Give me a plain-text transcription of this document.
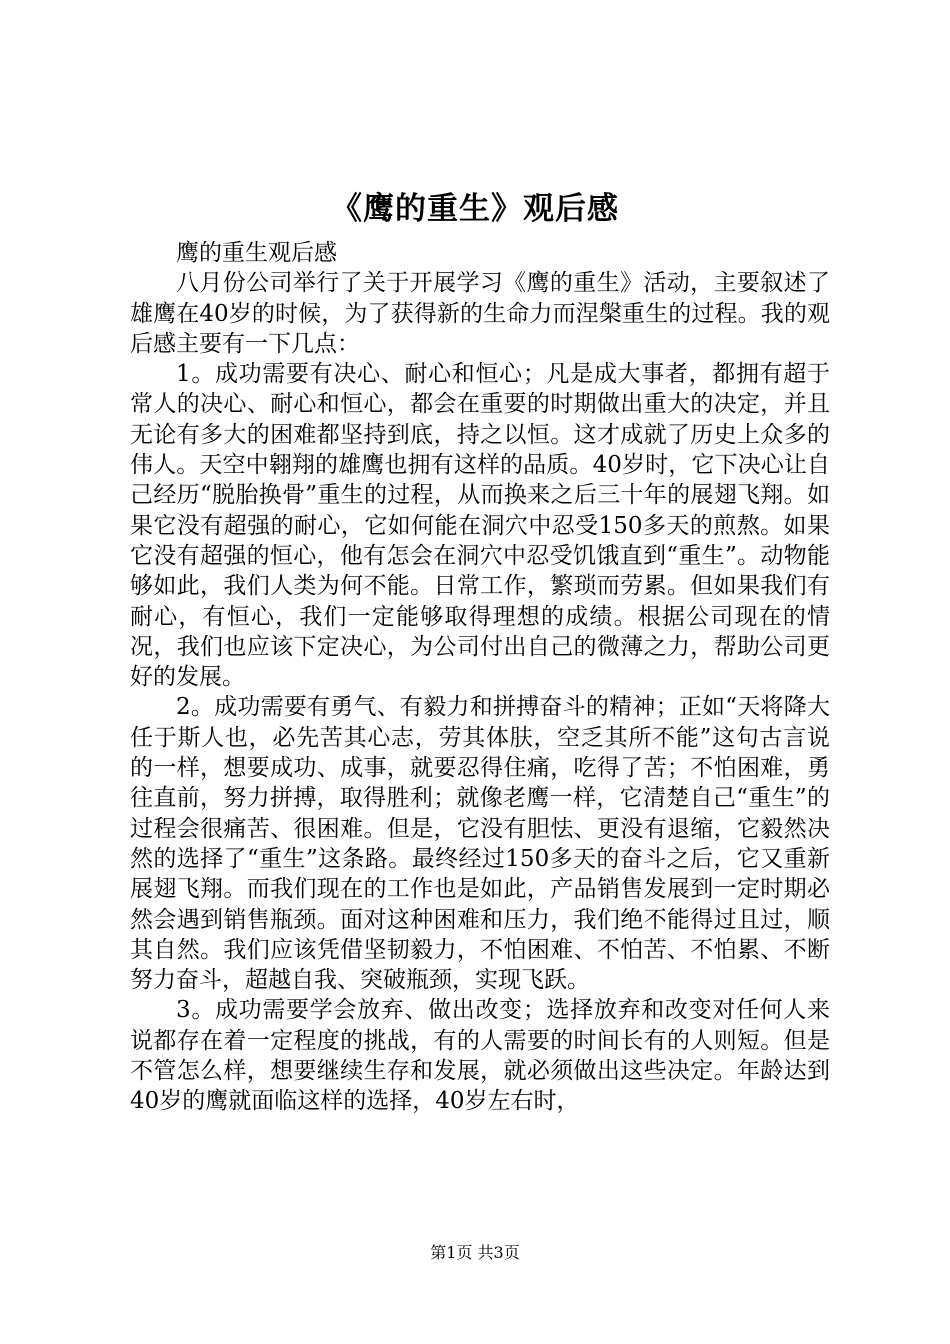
《鹰的重生》观后感

鹰的重生观后感

八月份公司举行了关于开展学习《鹰的重生》活动，主要叙述了雄鹰在40岁的时候，为了获得新的生命力而涅槃重生的过程。我的观后感主要有一下几点：

1。成功需要有决心、耐心和恒心；凡是成大事者，都拥有超于常人的决心、耐心和恒心，都会在重要的时期做出重大的决定，并且无论有多大的困难都坚持到底，持之以恒。这才成就了历史上众多的伟人。天空中翱翔的雄鹰也拥有这样的品质。40岁时，它下决心让自己经历“脱胎换骨”重生的过程，从而换来之后三十年的展翅飞翔。如果它没有超强的耐心，它如何能在洞穴中忍受150多天的煎熬。如果它没有超强的恒心，他有怎会在洞穴中忍受饥饿直到“重生”。动物能够如此，我们人类为何不能。日常工作，繁琐而劳累。但如果我们有耐心，有恒心，我们一定能够取得理想的成绩。根据公司现在的情况，我们也应该下定决心，为公司付出自己的微薄之力，帮助公司更好的发展。

2。成功需要有勇气、有毅力和拼搏奋斗的精神；正如“天将降大任于斯人也，必先苦其心志，劳其体肤，空乏其所不能”这句古言说的一样，想要成功、成事，就要忍得住痛，吃得了苦；不怕困难，勇往直前，努力拼搏，取得胜利；就像老鹰一样，它清楚自己“重生”的过程会很痛苦、很困难。但是，它没有胆怯、更没有退缩，它毅然决然的选择了“重生”这条路。最终经过150多天的奋斗之后，它又重新展翅飞翔。而我们现在的工作也是如此，产品销售发展到一定时期必然会遇到销售瓶颈。面对这种困难和压力，我们绝不能得过且过，顺其自然。我们应该凭借坚韧毅力，不怕困难、不怕苦、不怕累、不断努力奋斗，超越自我、突破瓶颈，实现飞跃。

3。成功需要学会放弃、做出改变；选择放弃和改变对任何人来说都存在着一定程度的挑战，有的人需要的时间长有的人则短。但是不管怎么样，想要继续生存和发展，就必须做出这些决定。年龄达到40岁的鹰就面临这样的选择，40岁左右时，

第1页 共3页
